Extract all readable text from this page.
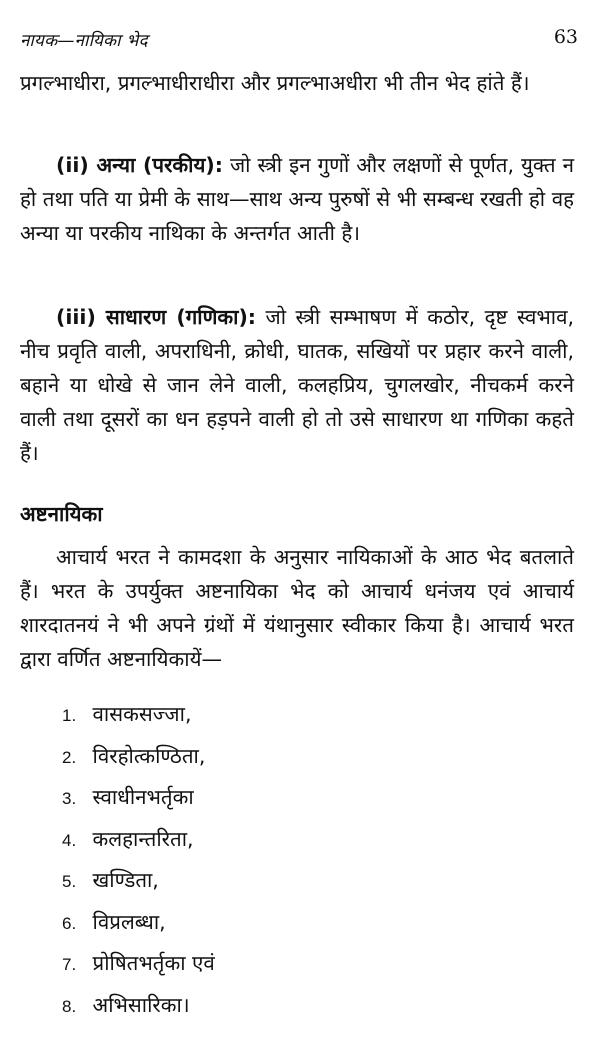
नायक—नायिका भेद	63

प्रगल्भाधीरा, प्रगल्भाधीराधीरा और प्रगल्भाअधीरा भी तीन भेद हांते हैं।

(ii) अन्या (परकीय): जो स्त्री इन गुणों और लक्षणों से पूर्णत, युक्त न हो तथा पति या प्रेमी के साथ—साथ अन्य पुरुषों से भी सम्बन्ध रखती हो वह अन्या या परकीय नाथिका के अन्तर्गत आती है।

(iii) साधारण (गणिका): जो स्त्री सम्भाषण में कठोर, दृष्ट स्वभाव, नीच प्रवृति वाली, अपराधिनी, क्रोधी, घातक, सखियों पर प्रहार करने वाली, बहाने या धोखे से जान लेने वाली, कलहप्रिय, चुगलखोर, नीचकर्म करने वाली तथा दूसरों का धन हड़पने वाली हो तो उसे साधारण था गणिका कहते हैं।

अष्टनायिका

आचार्य भरत ने कामदशा के अनुसार नायिकाओं के आठ भेद बतलाते हैं। भरत के उपर्युक्त अष्टनायिका भेद को आचार्य धनंजय एवं आचार्य शारदातनयं ने भी अपने ग्रंथों में यंथानुसार स्वीकार किया है। आचार्य भरत द्वारा वर्णित अष्टनायिकायें—

1. वासकसज्जा,
2. विरहोत्कण्ठिता,
3. स्वाधीनभर्तृका
4. कलहान्तरिता,
5. खण्डिता,
6. विप्रलब्धा,
7. प्रोषितभर्तृका एवं
8. अभिसारिका।
